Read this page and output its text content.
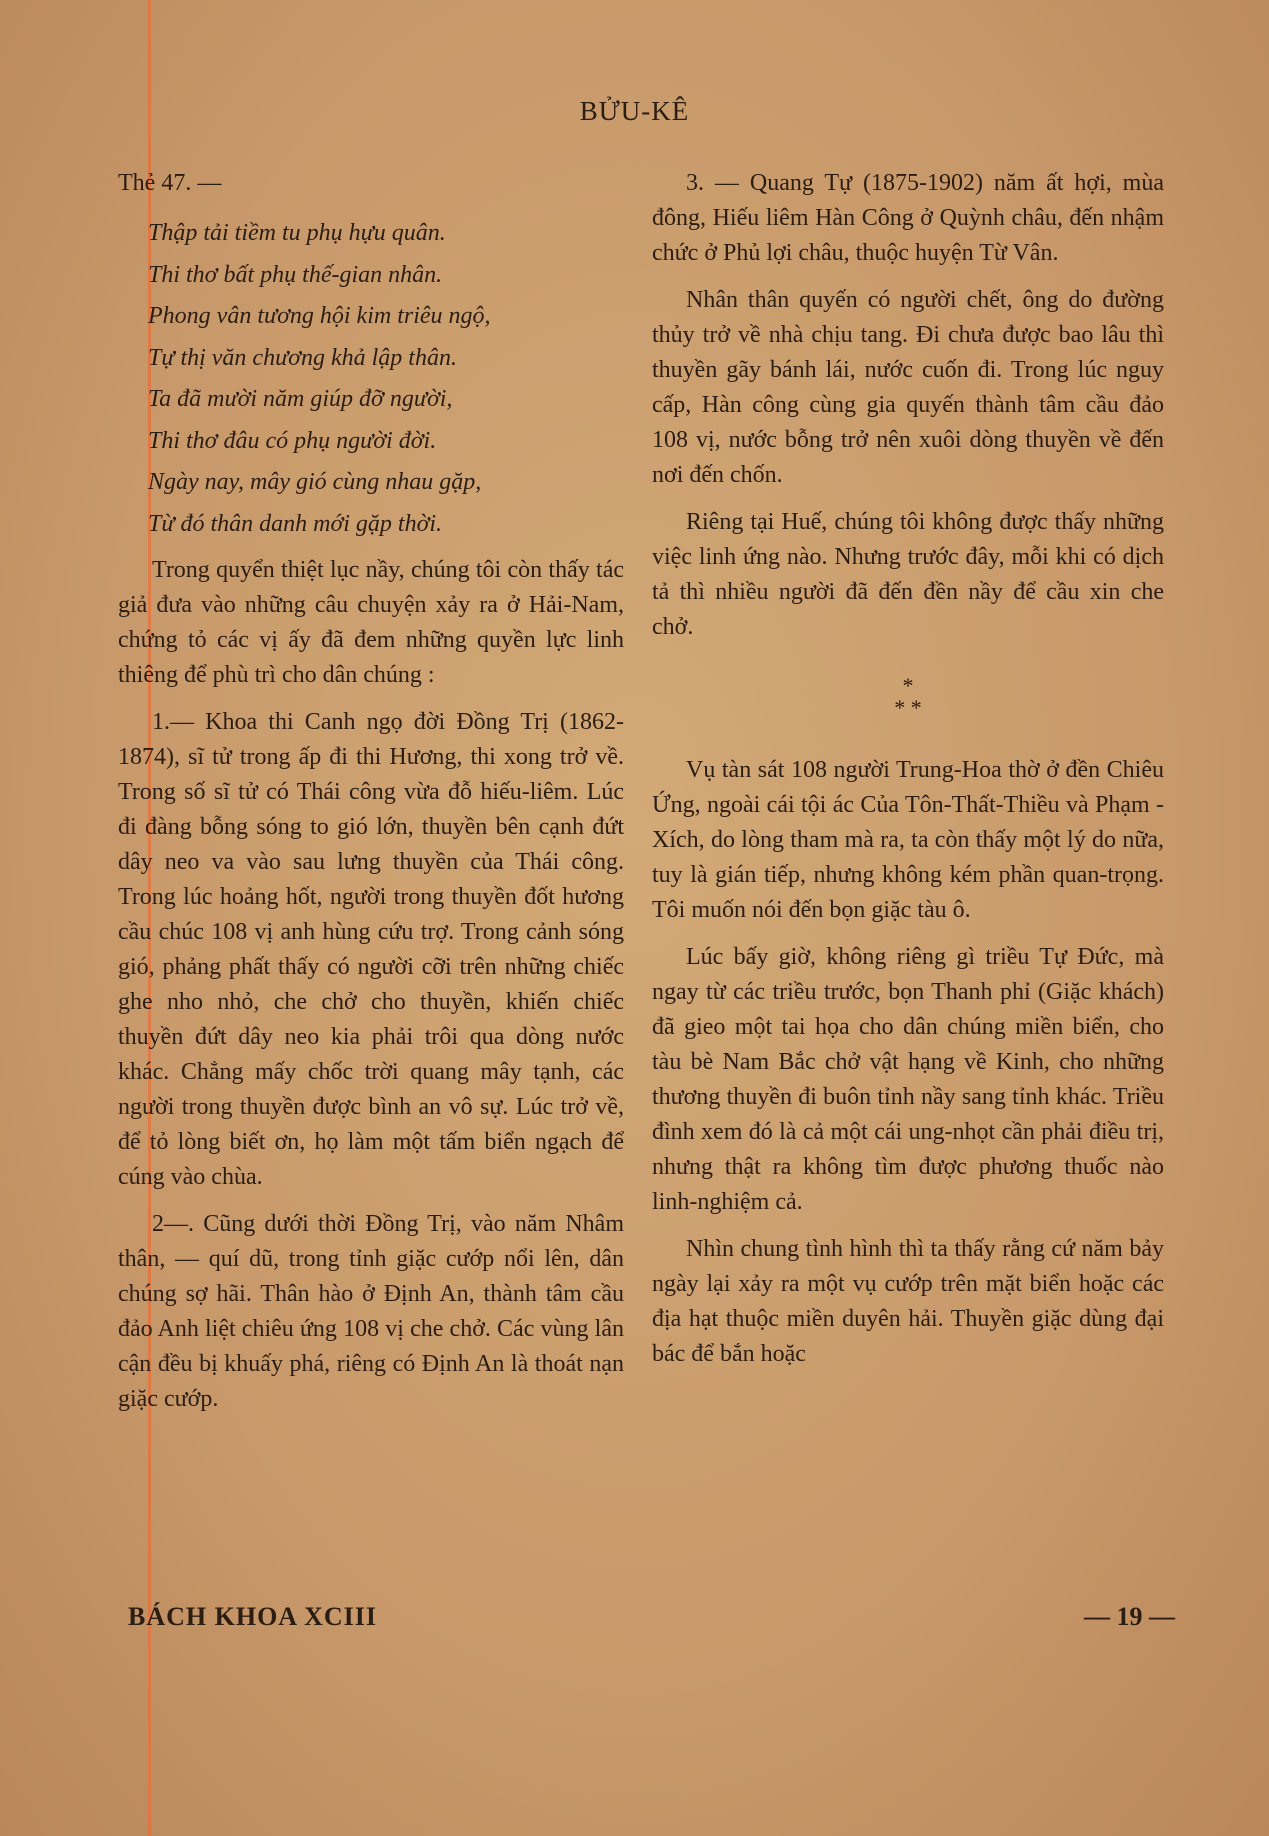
BỬU-KÊ

Thẻ 47. —

Thập tải tiềm tu phụ hựu quân.
Thi thơ bất phụ thế-gian nhân.
Phong vân tương hội kim triêu ngộ,
Tự thị văn chương khả lập thân.
Ta đã mười năm giúp đỡ người,
Thi thơ đâu có phụ người đời.
Ngày nay, mây gió cùng nhau gặp,
Từ đó thân danh mới gặp thời.

Trong quyển thiệt lục nầy, chúng tôi còn thấy tác giả đưa vào những câu chuyện xảy ra ở Hải-Nam, chứng tỏ các vị ấy đã đem những quyền lực linh thiêng để phù trì cho dân chúng :

1.— Khoa thi Canh ngọ đời Đồng Trị (1862-1874), sĩ tử trong ấp đi thi Hương, thi xong trở về. Trong số sĩ tử có Thái công vừa đỗ hiếu-liêm. Lúc đi đàng bỗng sóng to gió lớn, thuyền bên cạnh đứt dây neo va vào sau lưng thuyền của Thái công. Trong lúc hoảng hốt, người trong thuyền đốt hương cầu chúc 108 vị anh hùng cứu trợ. Trong cảnh sóng gió, phảng phất thấy có người cỡi trên những chiếc ghe nho nhỏ, che chở cho thuyền, khiến chiếc thuyền đứt dây neo kia phải trôi qua dòng nước khác. Chẳng mấy chốc trời quang mây tạnh, các người trong thuyền được bình an vô sự. Lúc trở về, để tỏ lòng biết ơn, họ làm một tấm biển ngạch để cúng vào chùa.

2—. Cũng dưới thời Đồng Trị, vào năm Nhâm thân, — quí dũ, trong tỉnh giặc cướp nổi lên, dân chúng sợ hãi. Thân hào ở Định An, thành tâm cầu đảo Anh liệt chiêu ứng 108 vị che chở. Các vùng lân cận đều bị khuấy phá, riêng có Định An là thoát nạn giặc cướp.

3. — Quang Tự (1875-1902) năm ất hợi, mùa đông, Hiếu liêm Hàn Công ở Quỳnh châu, đến nhậm chức ở Phủ lợi châu, thuộc huyện Từ Vân.

Nhân thân quyến có người chết, ông do đường thủy trở về nhà chịu tang. Đi chưa được bao lâu thì thuyền gãy bánh lái, nước cuốn đi. Trong lúc nguy cấp, Hàn công cùng gia quyến thành tâm cầu đảo 108 vị, nước bỗng trở nên xuôi dòng thuyền về đến nơi đến chốn.

Riêng tại Huế, chúng tôi không được thấy những việc linh ứng nào. Nhưng trước đây, mỗi khi có dịch tả thì nhiều người đã đến đền nầy để cầu xin che chở.

*
* *

Vụ tàn sát 108 người Trung-Hoa thờ ở đền Chiêu Ứng, ngoài cái tội ác Của Tôn-Thất-Thiều và Phạm - Xích, do lòng tham mà ra, ta còn thấy một lý do nữa, tuy là gián tiếp, nhưng không kém phần quan-trọng. Tôi muốn nói đến bọn giặc tàu ô.

Lúc bấy giờ, không riêng gì triều Tự Đức, mà ngay từ các triều trước, bọn Thanh phỉ (Giặc khách) đã gieo một tai họa cho dân chúng miền biển, cho tàu bè Nam Bắc chở vật hạng về Kinh, cho những thương thuyền đi buôn tỉnh nầy sang tỉnh khác. Triều đình xem đó là cả một cái ung-nhọt cần phải điều trị, nhưng thật ra không tìm được phương thuốc nào linh-nghiệm cả.

Nhìn chung tình hình thì ta thấy rằng cứ năm bảy ngày lại xảy ra một vụ cướp trên mặt biển hoặc các địa hạt thuộc miền duyên hải. Thuyền giặc dùng đại bác để bắn hoặc

BÁCH KHOA XCIII	— 19 —
